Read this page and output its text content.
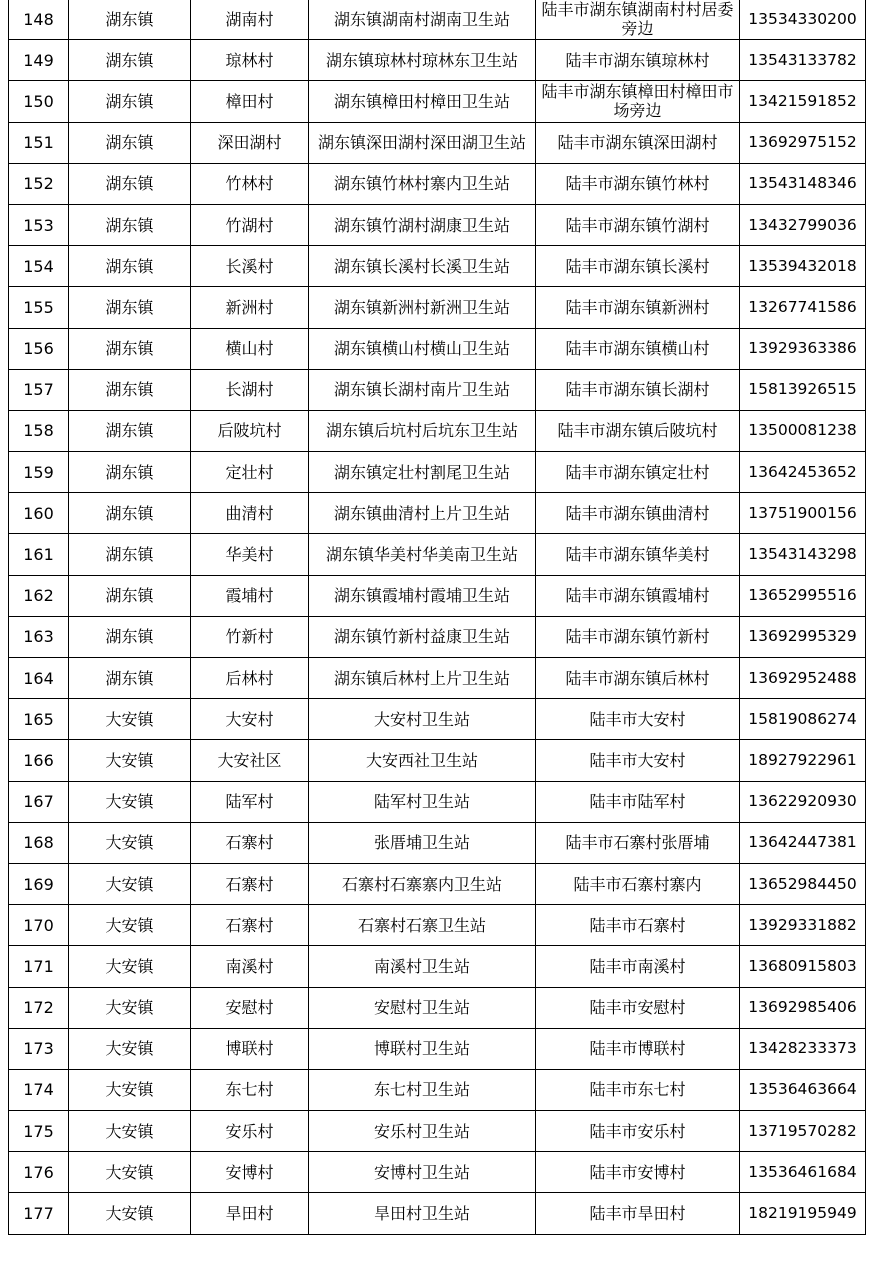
148	湖东镇	湖南村	湖东镇湖南村湖南卫生站	陆丰市湖东镇湖南村村居委旁边	13534330200
149	湖东镇	琼林村	湖东镇琼林村琼林东卫生站	陆丰市湖东镇琼林村	13543133782
150	湖东镇	樟田村	湖东镇樟田村樟田卫生站	陆丰市湖东镇樟田村樟田市场旁边	13421591852
151	湖东镇	深田湖村	湖东镇深田湖村深田湖卫生站	陆丰市湖东镇深田湖村	13692975152
152	湖东镇	竹林村	湖东镇竹林村寨内卫生站	陆丰市湖东镇竹林村	13543148346
153	湖东镇	竹湖村	湖东镇竹湖村湖康卫生站	陆丰市湖东镇竹湖村	13432799036
154	湖东镇	长溪村	湖东镇长溪村长溪卫生站	陆丰市湖东镇长溪村	13539432018
155	湖东镇	新洲村	湖东镇新洲村新洲卫生站	陆丰市湖东镇新洲村	13267741586
156	湖东镇	横山村	湖东镇横山村横山卫生站	陆丰市湖东镇横山村	13929363386
157	湖东镇	长湖村	湖东镇长湖村南片卫生站	陆丰市湖东镇长湖村	15813926515
158	湖东镇	后陂坑村	湖东镇后坑村后坑东卫生站	陆丰市湖东镇后陂坑村	13500081238
159	湖东镇	定壮村	湖东镇定壮村割尾卫生站	陆丰市湖东镇定壮村	13642453652
160	湖东镇	曲清村	湖东镇曲清村上片卫生站	陆丰市湖东镇曲清村	13751900156
161	湖东镇	华美村	湖东镇华美村华美南卫生站	陆丰市湖东镇华美村	13543143298
162	湖东镇	霞埔村	湖东镇霞埔村霞埔卫生站	陆丰市湖东镇霞埔村	13652995516
163	湖东镇	竹新村	湖东镇竹新村益康卫生站	陆丰市湖东镇竹新村	13692995329
164	湖东镇	后林村	湖东镇后林村上片卫生站	陆丰市湖东镇后林村	13692952488
165	大安镇	大安村	大安村卫生站	陆丰市大安村	15819086274
166	大安镇	大安社区	大安西社卫生站	陆丰市大安村	18927922961
167	大安镇	陆军村	陆军村卫生站	陆丰市陆军村	13622920930
168	大安镇	石寨村	张厝埔卫生站	陆丰市石寨村张厝埔	13642447381
169	大安镇	石寨村	石寨村石寨寨内卫生站	陆丰市石寨村寨内	13652984450
170	大安镇	石寨村	石寨村石寨卫生站	陆丰市石寨村	13929331882
171	大安镇	南溪村	南溪村卫生站	陆丰市南溪村	13680915803
172	大安镇	安慰村	安慰村卫生站	陆丰市安慰村	13692985406
173	大安镇	博联村	博联村卫生站	陆丰市博联村	13428233373
174	大安镇	东七村	东七村卫生站	陆丰市东七村	13536463664
175	大安镇	安乐村	安乐村卫生站	陆丰市安乐村	13719570282
176	大安镇	安博村	安博村卫生站	陆丰市安博村	13536461684
177	大安镇	旱田村	旱田村卫生站	陆丰市旱田村	18219195949
